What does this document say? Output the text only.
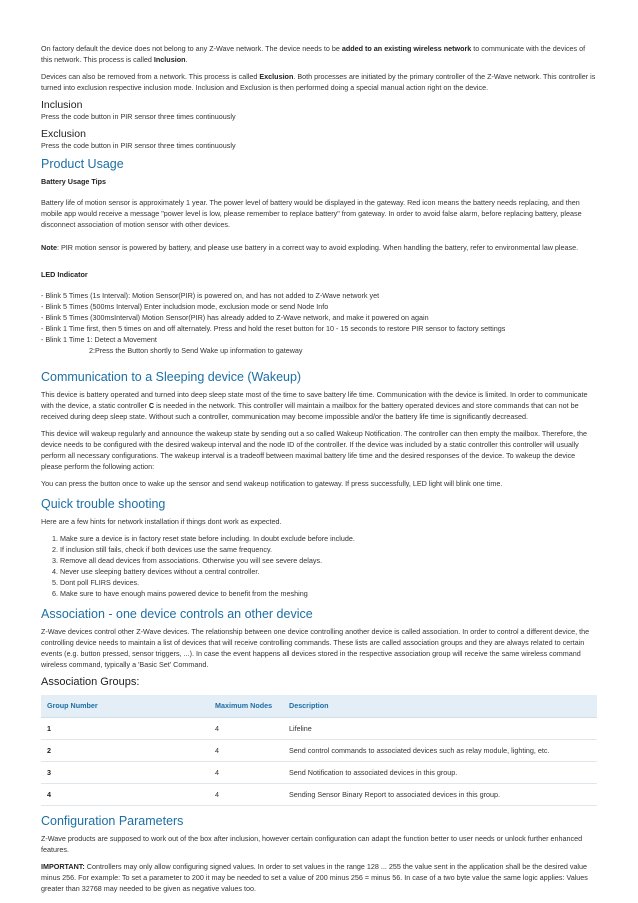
On factory default the device does not belong to any Z-Wave network. The device needs to be added to an existing wireless network to communicate with the devices of this network. This process is called Inclusion.

Devices can also be removed from a network. This process is called Exclusion. Both processes are initiated by the primary controller of the Z-Wave network. This controller is turned into exclusion respective inclusion mode. Inclusion and Exclusion is then performed doing a special manual action right on the device.

Inclusion

Press the code button in PIR sensor three times continuously

Exclusion

Press the code button in PIR sensor three times continuously

Product Usage
Battery Usage Tips

Battery life of motion sensor is approximately 1 year. The power level of battery would be displayed in the gateway. Red icon means the battery needs replacing, and then mobile app would receive a message "power level is low, please remember to replace battery" from gateway. In order to avoid false alarm, before replacing battery, please disconnect association of motion sensor with other devices.

Note: PIR motion sensor is powered by battery, and please use battery in a correct way to avoid exploding. When handling the battery, refer to environmental law please.

LED Indicator
- Blink 5 Times (1s Interval): Motion Sensor(PIR) is powered on, and has not added to Z-Wave network yet
- Blink 5 Times (500ms Interval) Enter includsion mode, exclusion mode or send Node Info
- Blink 5 Times (300msInterval) Motion Sensor(PIR) has already added to Z-Wave network, and make it powered on again
- Blink 1 Time first, then 5 times on and off alternately. Press and hold the reset button for 10 - 15 seconds to restore PIR sensor to factory settings
- Blink 1 Time 1: Detect a Movement
2:Press the Button shortly to Send Wake up information to gateway
Communication to a Sleeping device (Wakeup)

This device is battery operated and turned into deep sleep state most of the time to save battery life time. Communication with the device is limited. In order to communicate with the device, a static controller C is needed in the network. This controller will maintain a mailbox for the battery operated devices and store commands that can not be received during deep sleep state. Without such a controller, communication may become impossible and/or the battery life time is significantly decreased.

This device will wakeup regularly and announce the wakeup state by sending out a so called Wakeup Notification. The controller can then empty the mailbox. Therefore, the device needs to be configured with the desired wakeup interval and the node ID of the controller. If the device was included by a static controller this controller will usually perform all necessary configurations. The wakeup interval is a tradeoff between maximal battery life time and the desired responses of the device. To wakeup the device please perform the following action:

You can press the button once to wake up the sensor and send wakeup notification to gateway. If press successfully, LED light will blink one time.

Quick trouble shooting

Here are a few hints for network installation if things dont work as expected.

1. Make sure a device is in factory reset state before including. In doubt exclude before include.
2. If inclusion still fails, check if both devices use the same frequency.
3. Remove all dead devices from associations. Otherwise you will see severe delays.
4. Never use sleeping battery devices without a central controller.
5. Dont poll FLIRS devices.
6. Make sure to have enough mains powered device to benefit from the meshing
Association - one device controls an other device

Z-Wave devices control other Z-Wave devices. The relationship between one device controlling another device is called association. In order to control a different device, the controlling device needs to maintain a list of devices that will receive controlling commands. These lists are called association groups and they are always related to certain events (e.g. button pressed, sensor triggers, ...). In case the event happens all devices stored in the respective association group will receive the same wireless command wireless command, typically a 'Basic Set' Command.

Association Groups:
Group Number	Maximum Nodes	Description
1	4	Lifeline
2	4	Send control commands to associated devices such as relay module, lighting, etc.
3	4	Send Notification to associated devices in this group.
4	4	Sending Sensor Binary Report to associated devices in this group.
Configuration Parameters

Z-Wave products are supposed to work out of the box after inclusion, however certain configuration can adapt the function better to user needs or unlock further enhanced features.

IMPORTANT: Controllers may only allow configuring signed values. In order to set values in the range 128 ... 255 the value sent in the application shall be the desired value minus 256. For example: To set a parameter to 200 it may be needed to set a value of 200 minus 256 = minus 56. In case of a two byte value the same logic applies: Values greater than 32768 may needed to be given as negative values too.
